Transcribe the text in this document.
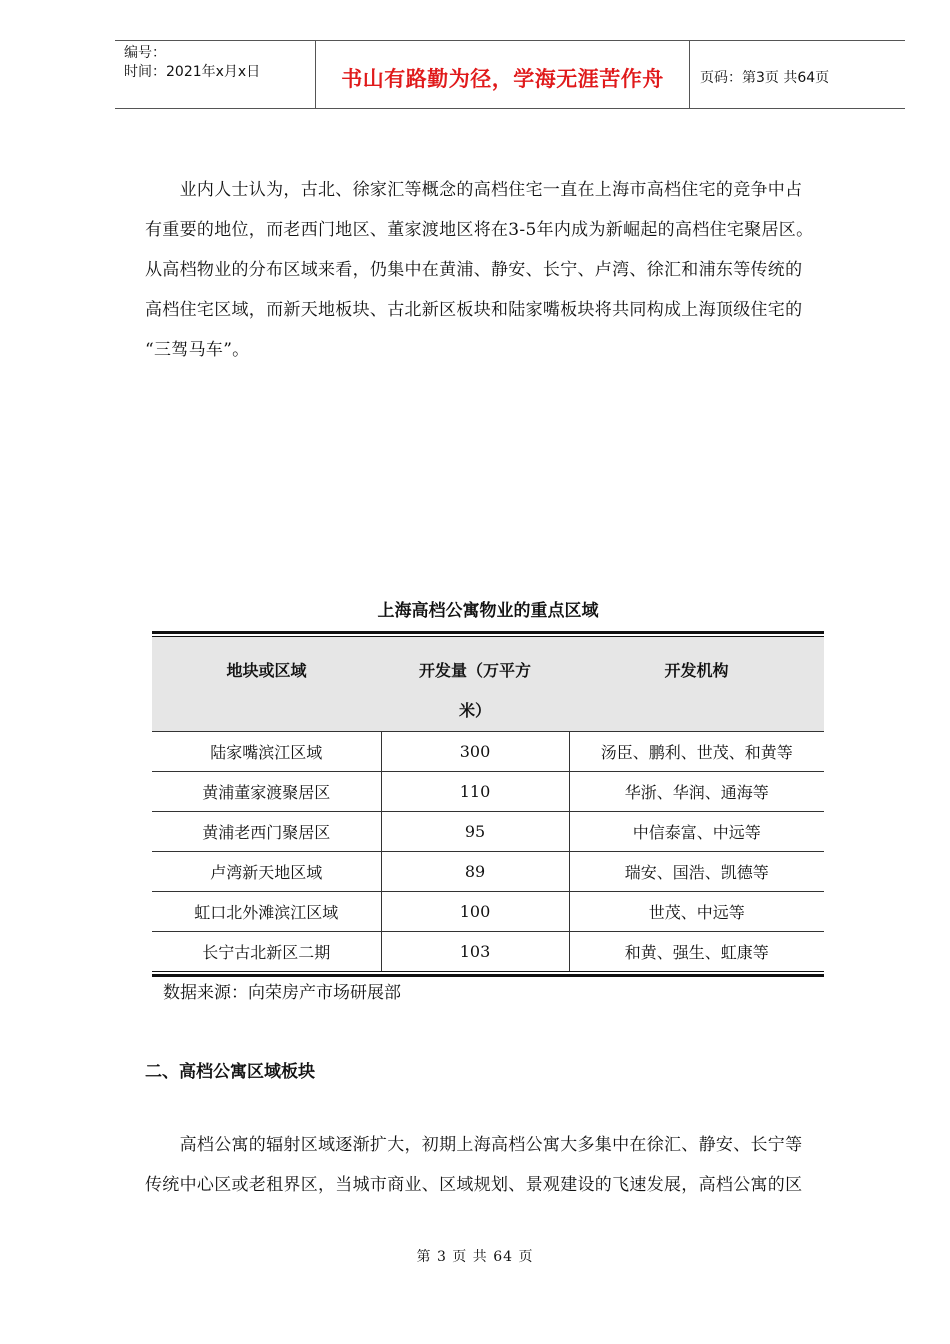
编号：
时间：2021年x月x日	书山有路勤为径，学海无涯苦作舟	页码：第3页 共64页
　　业内人士认为，古北、徐家汇等概念的高档住宅一直在上海市高档住宅的竞争中占
有重要的地位，而老西门地区、董家渡地区将在3-5年内成为新崛起的高档住宅聚居区。
从高档物业的分布区域来看，仍集中在黄浦、静安、长宁、卢湾、徐汇和浦东等传统的
高档住宅区域，而新天地板块、古北新区板块和陆家嘴板块将共同构成上海顶级住宅的
“三驾马车”。
上海高档公寓物业的重点区域
地块或区域	开发量（万平方
米）	开发机构

陆家嘴滨江区域	300	汤臣、鹏利、世茂、和黄等
黄浦董家渡聚居区	110	华浙、华润、通海等
黄浦老西门聚居区	95	中信泰富、中远等
卢湾新天地区域	89	瑞安、国浩、凯德等
虹口北外滩滨江区域	100	世茂、中远等
长宁古北新区二期	103	和黄、强生、虹康等
数据来源：向荣房产市场研展部
二、高档公寓区域板块
　　高档公寓的辐射区域逐渐扩大，初期上海高档公寓大多集中在徐汇、静安、长宁等
传统中心区或老租界区，当城市商业、区域规划、景观建设的飞速发展，高档公寓的区
第 3 页 共 64 页
